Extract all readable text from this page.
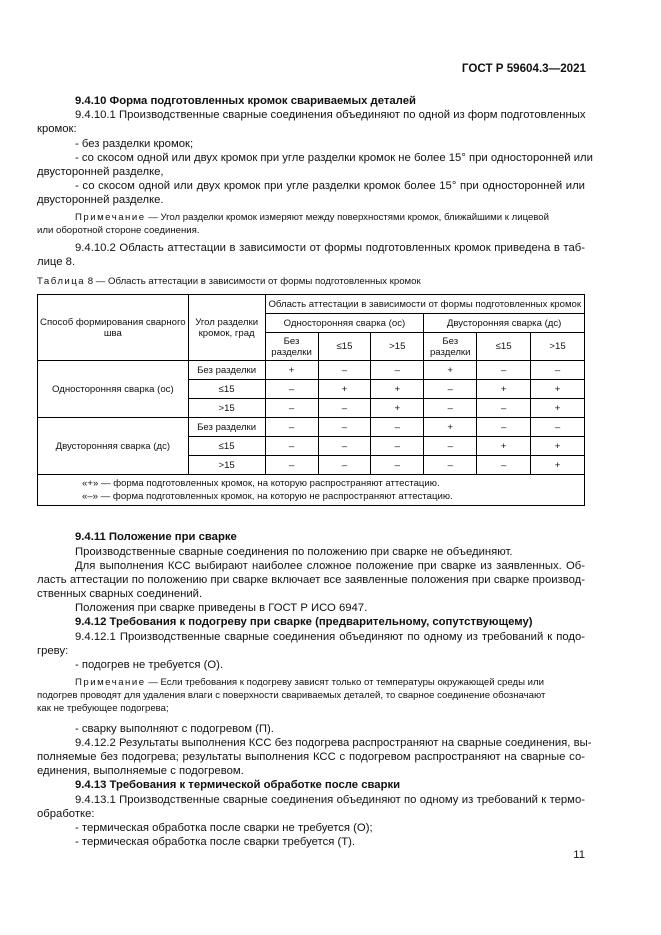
ГОСТ Р 59604.3—2021
9.4.10 Форма подготовленных кромок свариваемых деталей
9.4.10.1 Производственные сварные соединения объединяют по одной из форм подготовленных
кромок:
- без разделки кромок;
- со скосом одной или двух кромок при угле разделки кромок не более 15° при односторонней или
двусторонней разделке,
- со скосом одной или двух кромок при угле разделки кромок более 15° при односторонней или
двусторонней разделке.
Примечание — Угол разделки кромок измеряют между поверхностями кромок, ближайшими к лицевой
или оборотной стороне соединения.
9.4.10.2 Область аттестации в зависимости от формы подготовленных кромок приведена в таб-
лице 8.
Таблица 8 — Область аттестации в зависимости от формы подготовленных кромок
Способ формирования сварного шва	Угол разделки кромок, град	Область аттестации в зависимости от формы подготовленных кромок					
		Односторонняя сварка (ос)			Двусторонняя сварка (дс)		
		Без разделки	≤15	>15	Без разделки	≤15	>15
Односторонняя сварка (ос)	Без разделки	+	–	–	+	–	–
	≤15	–	+	+	–	+	+
	>15	–	–	+	–	–	+
Двусторонняя сварка (дс)	Без разделки	–	–	–	+	–	–
	≤15	–	–	–	–	+	+
	>15	–	–	–	–	–	+

«+» — форма подготовленных кромок, на которую распространяют аттестацию.
«–» — форма подготовленных кромок, на которую не распространяют аттестацию.							
9.4.11 Положение при сварке
Производственные сварные соединения по положению при сварке не объединяют.
Для выполнения КСС выбирают наиболее сложное положение при сварке из заявленных. Об-
ласть аттестации по положению при сварке включает все заявленные положения при сварке производ-
ственных сварных соединений.
Положения при сварке приведены в ГОСТ Р ИСО 6947.
9.4.12 Требования к подогреву при сварке (предварительному, сопутствующему)
9.4.12.1 Производственные сварные соединения объединяют по одному из требований к подо-
греву:
- подогрев не требуется (О).
Примечание — Если требования к подогреву зависят только от температуры окружающей среды или
подогрев проводят для удаления влаги с поверхности свариваемых деталей, то сварное соединение обозначают
как не требующее подогрева;
- сварку выполняют с подогревом (П).
9.4.12.2 Результаты выполнения КСС без подогрева распространяют на сварные соединения, вы-
полняемые без подогрева; результаты выполнения КСС с подогревом распространяют на сварные со-
единения, выполняемые с подогревом.
9.4.13 Требования к термической обработке после сварки
9.4.13.1 Производственные сварные соединения объединяют по одному из требований к термо-
обработке:
- термическая обработка после сварки не требуется (О);
- термическая обработка после сварки требуется (Т).
11
